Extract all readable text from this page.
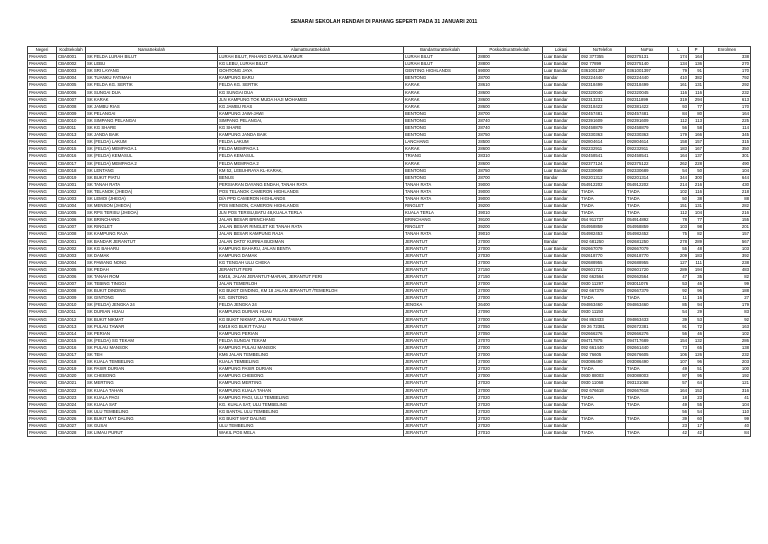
SENARAI SEKOLAH RENDAH DI PAHANG SEPERTI PADA 31 JANUARI 2011
Negeri	KodSekolah	NamaSekolah	AlamatSuratSekolah	BandarSuratSekolah	PoskodSuratSekolah	Lokasi	NoTelefon	NoFax	L	P	Enrolmen
PAHANG	CBA0001	SK FELDA LURAH BILUT	LURAH BILUT, PAHANG DARUL MAKMUR	LURAH BILUT	28800	Luar Bandar	092 377355	092375131	174	164	338
PAHANG	CBA0002	SK LEBU	KG LEBU, LURAH BILUT	LURAH BILUT	28800	Luar Bandar	092 77899	092375140	134	136	270
PAHANG	CBA0003	SK SRI LAYANG	GOHTONG JAYA	GENTING HIGHLANDS	69000	Luar Bandar	0361001397	0361001397	79	91	170
PAHANG	CBA0004	SK TUANKU FATIMAH	KAMPUNG BARU	BENTONG	28700	Bandar	092224440	092224440	410	382	792
PAHANG	CBA0005	SK FELDA KG. SERTIK	FELDA KG. SERTIK	KARAK	28610	Luar Bandar	092318499	092318499	161	131	292
PAHANG	CBA0006	SK SUNGAI DUA	KG SUNGAI DUA	KARAK	28600	Luar Bandar	092320040	092320045	116	116	232
PAHANG	CBA0007	SK KARAK	JLN KAMPUNG TOK MUDA HAJI MOHAMED	KARAK	28600	Luar Bandar	092313231	092311899	319	294	613
PAHANG	CBA0008	SK JAMBU RIAS	KG JAMBU RIAS	KARAK	28600	Luar Bandar	092318422	092381422	93	77	170
PAHANG	CBA0009	SK PELANGAI	KAMPUNG JAWI-JAWI	BENTONG	28700	Luar Bandar	092457481	092457481	84	80	164
PAHANG	CBA0010	SK SIMPANG PELANGAI	SIMPANG PELANGAI,	BENTONG	28740	Luar Bandar	092391609	092391609	112	113	225
PAHANG	CBA0011	SK KG SHARE	KG SHARE	BENTONG	28740	Luar Bandar	092458879	092458879	56	58	114
PAHANG	CBA0013	SK JANDA BAIK	KAMPUNG JANDA BAIK	BENTONG	28750	Luar Bandar	092330363	092330363	179	166	345
PAHANG	CBA0014	SK (FELDA) LAKUM	FELDA LAKUM	LANCHANG	28500	Luar Bandar	092804614	092804614	158	157	315
PAHANG	CBA0015	SK (FELDA) MEMPAGA 1	FELDA MEMPAGA 1	KARAK	28600	Luar Bandar	092232911	092232911	183	167	350
PAHANG	CBA0016	SK (FELDA) KEMASUL	FELDA KEMASUL	TRIANG	28310	Luar Bandar	092458541	092458541	164	137	301
PAHANG	CBA0017	SK (FELDA) MEMPAGA 2	FELDA MEMPAGA 2	KARAK	28600	Luar Bandar	092377124	092375122	262	228	490
PAHANG	CBA0018	SK LENTANG	KM 52, LEBUHRAYA KL-KARAK,	BENTONG	28750	Luar Bandar	092330689	092330689	54	50	104
PAHANG	CBA0019	SK BUKIT PIATU	BENUS	BENTONG	28700	Bandar	092201312	092201314	344	300	644
PAHANG	CBA1001	SK TANAH RATA	PERSIARAN DAYANG ENDAH, TANAH RATA	TANAH RATA	39000	Luar Bandar	054912202	054912202	214	216	430
PAHANG	CBA1002	SK TELANOK (JHEOA)	POS TELANOK CAMERON HIGHLANDS	TANAH RATA	39000	Luar Bandar	TIADA	TIADA	102	116	218
PAHANG	CBA1003	SK LEMOI (JHEOA)	D/A PPD CAMERON HIGHLANDS	TANAH RATA	39000	Luar Bandar	TIADA	TIADA	50	38	88
PAHANG	CBA1004	SK MENSON (JHEOA)	POS MENSON, CAMERON HIGHLANDS	RINGLET	39200	Luar Bandar	TIADA	TIADA	151	131	282
PAHANG	CBA1005	SK RPS TERISU (JHEOA)	JLN POS TERISU,BATU 48,KUALA TERLA	KUALA TERLA	39010	Luar Bandar	TIADA	TIADA	112	104	216
PAHANG	CBA1006	SK BRINCHANG	JALAN BESAR BRINCHANG	BRINCHANG	39100	Luar Bandar	054 911737	054914892	78	77	155
PAHANG	CBA1007	SK RINGLET	JALAN BESAR RINGLET KE TANAH RATA	RINGLET	39200	Luar Bandar	054958859	054958859	103	98	201
PAHANG	CBA1008	SK KAMPUNG RAJA	JALAN BESAR KAMPUNG RAJA	TANAH RATA	39010	Luar Bandar	054982453	054982452	75	82	157
PAHANG	CBA2001	SK BANDAR JERANTUT	JALAN DATO' KURNIA BUDIMAN	JERANTUT	27000	Bandar	092 681250	092681250	278	289	567
PAHANG	CBA2002	SK KG BAHARU	KAMPUNG BAHARU, JALAN BENTA	JERANTUT	27000	Luar Bandar	092667079	092667079	55	48	103
PAHANG	CBA2003	SK DAMAK	KAMPUNG DAMAK	JERANTUT	27030	Luar Bandar	092618770	092618770	209	183	392
PAHANG	CBA2004	SK PAWANG NONG	KG TENGAH ULU CHEKA	JERANTUT	27000	Luar Bandar	092688955	092688955	127	111	238
PAHANG	CBA2005	SK PEDAH	JERANTUT FERI	JERANTUT	27150	Luar Bandar	092601721	092601720	289	194	483
PAHANG	CBA2006	SK TANAH ROM	KM16, JALAN JERANTUT-MARAN, JERANTUT FERI	JERANTUT	27150	Luar Bandar	092 662564	092662564	47	35	82
PAHANG	CBA2007	SK TEBING TINGGI	JALAN TEMERLOH	JERANTUT	27000	Luar Bandar	0930 11297	093011076	53	46	99
PAHANG	CBA2008	SK BUKIT DINDING	KG BUKIT DINDING, KM 18 JALAN JERANTUT /TEMERLOH	JERANTUT	27000	Luar Bandar	092 667379	092667379	92	96	188
PAHANG	CBA2009	SK GINTONG	KG. GINTONG	JERANTUT	27000	Luar Bandar	TIADA	TIADA	11	16	27
PAHANG	CBA2010	SK (FELDA) JENGKA 24	FELDA JENGKA 24	JENGKA	26400	Luar Bandar	094863460	094863460	85	94	179
PAHANG	CBA2011	SK DURIAN HIJAU	KAMPUNG DURIAN HIJAU	JERANTUT	27090	Luar Bandar	0930 11150		54	29	83
PAHANG	CBA2012	SK BUKIT NIKMAT	KG BUKIT NIKMAT, JALAN PULAU TAWAR	JERANTUT	27000	Luar Bandar	094 863433	094863433	39	53	92
PAHANG	CBA2013	SK PULAU TAWAR	KM19 KG BUKIT TAJAU	JERANTUT	27050	Luar Bandar	09 26 72381	092672381	91	72	163
PAHANG	CBA2014	SK PERIAN	KAMPUNG PERIAN	JERANTUT	27050	Luar Bandar	092666276	092666276	56	46	102
PAHANG	CBA2015	SK (FELDA) SG TEKAM	FELDA SUNGAI TEKAM	JERANTUT	27070	Luar Bandar	094717875	094717689	154	132	286
PAHANG	CBA2016	SK PULAU MANSOK	KAMPUNG PULAU MANSOK	JERANTUT	27000	Luar Bandar	092 661440	092661440	73	65	138
PAHANG	CBA2017	SK TEH	KM6 JALAN TEMBELING	JERANTUT	27000	Luar Bandar	092 76605	092676605	106	126	232
PAHANG	CBA2018	SK KUALA TEMBELING	KUALA TEMBELING	JERANTUT	27000	Luar Bandar	093086490	093086490	107	96	203
PAHANG	CBA2019	SK PASIR DURIAN	KAMPUNG PASIR DURIAN	JERANTUT	27020	Luar Bandar	TIADA	TIADA	49	51	100
PAHANG	CBA2020	SK CHEBONG	KAMPUNG CHEBONG	JERANTUT	27000	Luar Bandar	0930 88003	093088003	97	95	192
PAHANG	CBA2021	SK MERTING	KAMPUNG MERTING	JERANTUT	27020	Luar Bandar	0930 11068	093131068	57	64	121
PAHANG	CBA2022	SK KUALA TAHAN	KAMPUNG KUALA TAHAN	JERANTUT	27000	Luar Bandar	092 676618	092667618	164	152	316
PAHANG	CBA2023	SK KUALA PAGI	KAMPUNG PAGI, ULU TEMBELING	JERANTUT	27020	Luar Bandar	TIADA	TIADA	18	23	41
PAHANG	CBA2024	SK KUALA SAT	KG. KUALA SAT, ULU TEMBELING	JERANTUT	27020	Luar Bandar	TIADA	TIADA	49	55	104
PAHANG	CBA2025	SK ULU TEMBELING	KG BANTAL ULU TEMBELING	JERANTUT	27020	Luar Bandar			56	54	110
PAHANG	CBA2026	SK BUKIT MAT DALING	KG BUKIT MAT DALING	JERANTUT	27020	Luar Bandar	TIADA	TIADA	39	60	99
PAHANG	CBA2027	SK GUSAI	ULU TEMBELING	JERANTUT	27020	Luar Bandar			23	17	40
PAHANG	CBA2028	SK LIMAU PURUT	WAKIL POS MELA	JERANTUT	27010	Luar Bandar	TIADA	TIADA	42	42	84
